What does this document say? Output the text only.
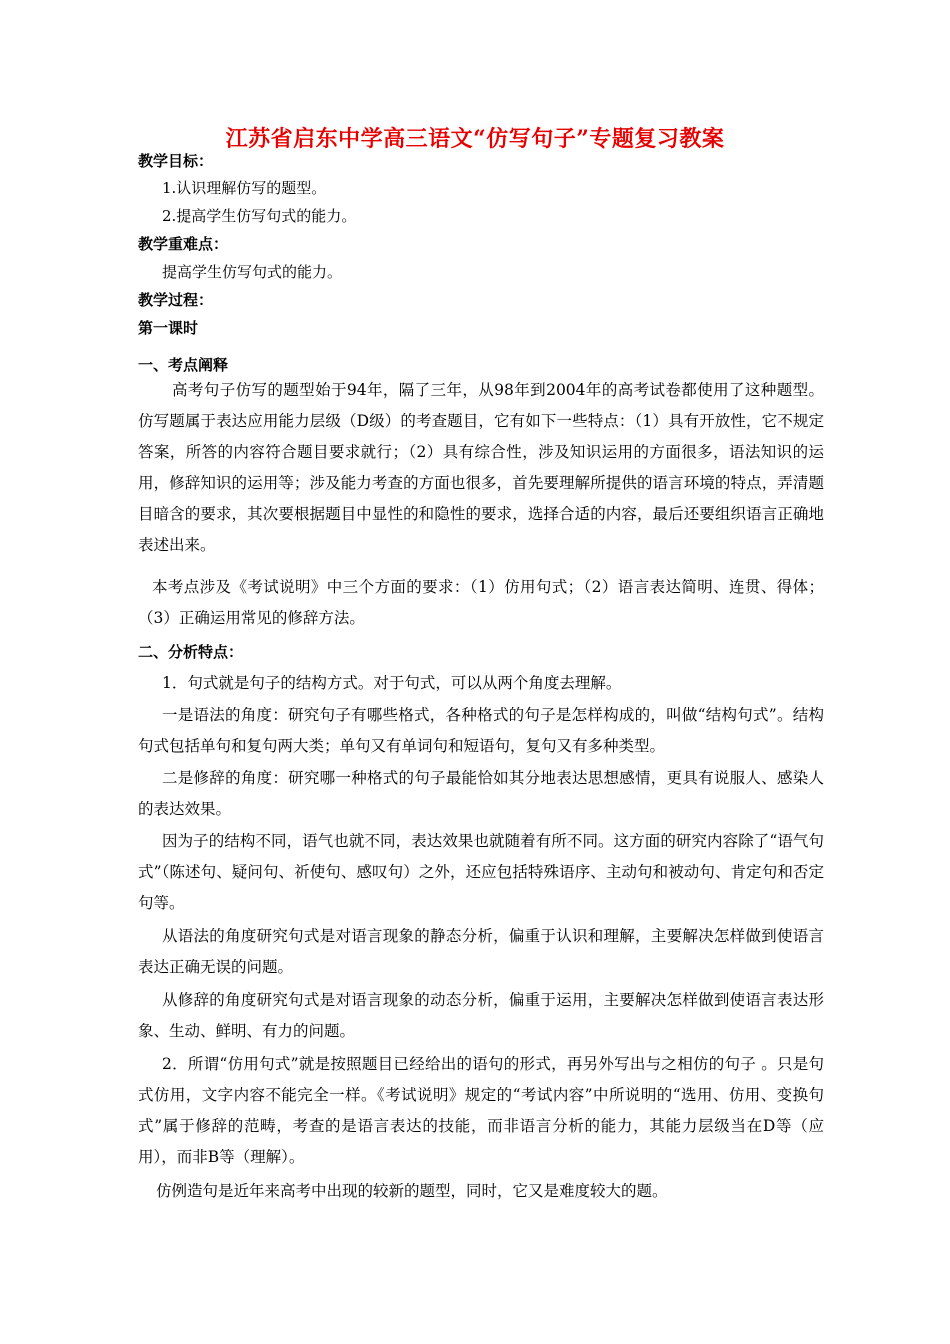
江苏省启东中学高三语文“仿写句子”专题复习教案
教学目标：
1.认识理解仿写的题型。
2.提高学生仿写句式的能力。
教学重难点：
提高学生仿写句式的能力。
教学过程：
第一课时
一、考点阐释

高考句子仿写的题型始于94年，隔了三年，从98年到2004年的高考试卷都使用了这种题型。仿写题属于表达应用能力层级（D级）的考查题目，它有如下一些特点：（1）具有开放性，它不规定答案，所答的内容符合题目要求就行；（2）具有综合性，涉及知识运用的方面很多，语法知识的运用，修辞知识的运用等；涉及能力考查的方面也很多，首先要理解所提供的语言环境的特点，弄清题目暗含的要求，其次要根据题目中显性的和隐性的要求，选择合适的内容，最后还要组织语言正确地表述出来。

本考点涉及《考试说明》中三个方面的要求：（1）仿用句式；（2）语言表达简明、连贯、得体；（3）正确运用常见的修辞方法。

二、分析特点：

1．句式就是句子的结构方式。对于句式，可以从两个角度去理解。

一是语法的角度：研究句子有哪些格式，各种格式的句子是怎样构成的，叫做“结构句式”。结构句式包括单句和复句两大类；单句又有单词句和短语句，复句又有多种类型。

二是修辞的角度：研究哪一种格式的句子最能恰如其分地表达思想感情，更具有说服人、感染人的表达效果。

因为子的结构不同，语气也就不同，表达效果也就随着有所不同。这方面的研究内容除了“语气句式”（陈述句、疑问句、祈使句、感叹句）之外，还应包括特殊语序、主动句和被动句、肯定句和否定句等。

从语法的角度研究句式是对语言现象的静态分析，偏重于认识和理解，主要解决怎样做到使语言表达正确无误的问题。

从修辞的角度研究句式是对语言现象的动态分析，偏重于运用，主要解决怎样做到使语言表达形象、生动、鲜明、有力的问题。

2．所谓“仿用句式”就是按照题目已经给出的语句的形式，再另外写出与之相仿的句子 。只是句式仿用，文字内容不能完全一样。《考试说明》规定的“考试内容”中所说明的“选用、仿用、变换句式”属于修辞的范畴，考查的是语言表达的技能，而非语言分析的能力，其能力层级当在D等（应用），而非B等（理解）。

仿例造句是近年来高考中出现的较新的题型，同时，它又是难度较大的题。
